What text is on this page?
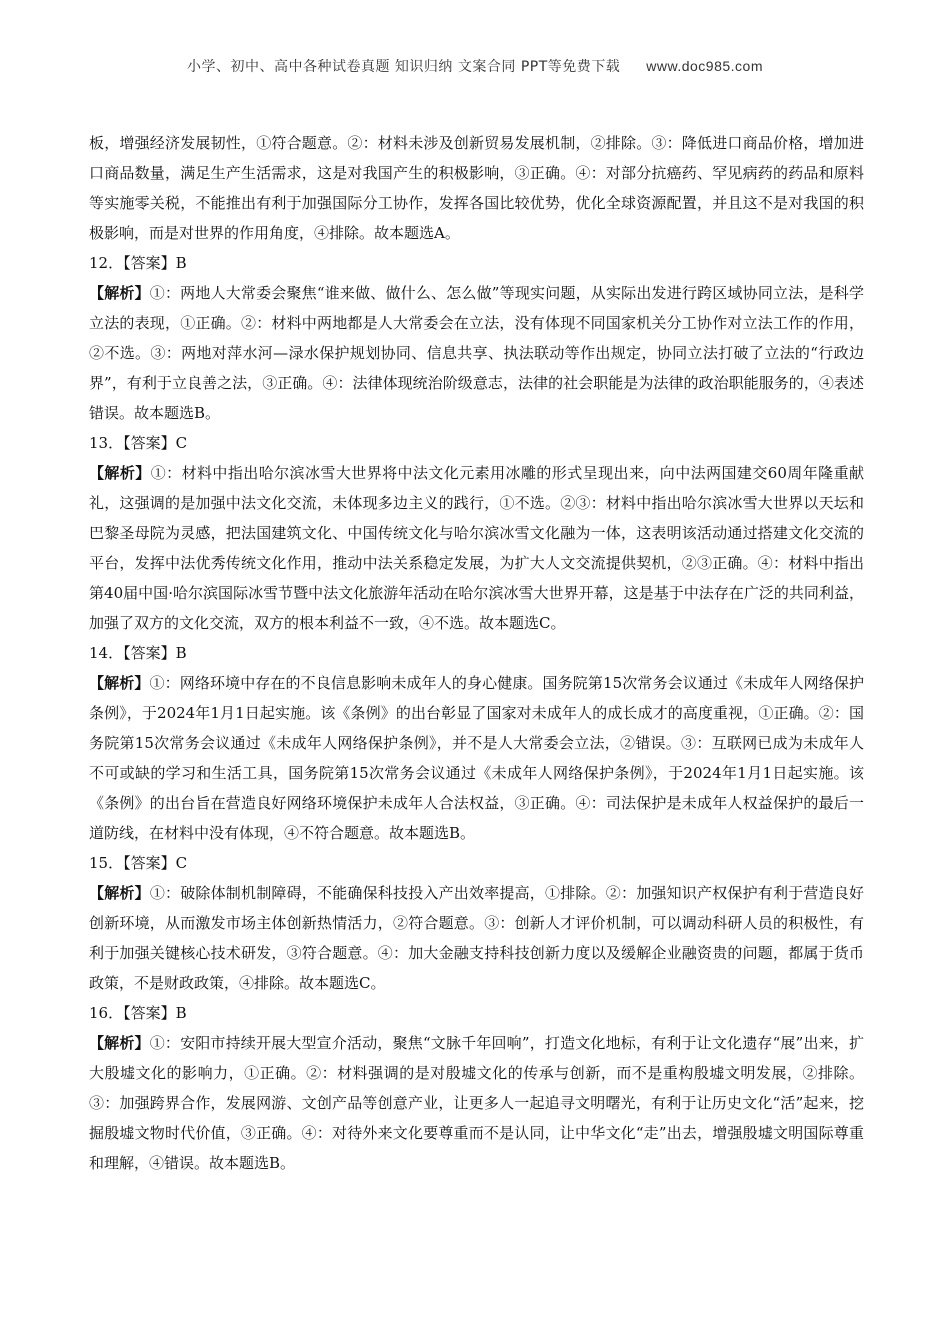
小学、初中、高中各种试卷真题 知识归纳 文案合同 PPT等免费下载 www.doc985.com

板，增强经济发展韧性，①符合题意。②：材料未涉及创新贸易发展机制，②排除。③：降低进口商品价格，增加进口商品数量，满足生产生活需求，这是对我国产生的积极影响，③正确。④：对部分抗癌药、罕见病药的药品和原料等实施零关税，不能推出有利于加强国际分工协作，发挥各国比较优势，优化全球资源配置，并且这不是对我国的积极影响，而是对世界的作用角度，④排除。故本题选A。

12．【答案】B

【解析】①：两地人大常委会聚焦“谁来做、做什么、怎么做”等现实问题，从实际出发进行跨区域协同立法，是科学立法的表现，①正确。②：材料中两地都是人大常委会在立法，没有体现不同国家机关分工协作对立法工作的作用，②不选。③：两地对萍水河—渌水保护规划协同、信息共享、执法联动等作出规定，协同立法打破了立法的“行政边界”，有利于立良善之法，③正确。④：法律体现统治阶级意志，法律的社会职能是为法律的政治职能服务的，④表述错误。故本题选B。

13．【答案】C

【解析】①：材料中指出哈尔滨冰雪大世界将中法文化元素用冰雕的形式呈现出来，向中法两国建交60周年隆重献礼，这强调的是加强中法文化交流，未体现多边主义的践行，①不选。②③：材料中指出哈尔滨冰雪大世界以天坛和巴黎圣母院为灵感，把法国建筑文化、中国传统文化与哈尔滨冰雪文化融为一体，这表明该活动通过搭建文化交流的平台，发挥中法优秀传统文化作用，推动中法关系稳定发展，为扩大人文交流提供契机，②③正确。④：材料中指出第40届中国·哈尔滨国际冰雪节暨中法文化旅游年活动在哈尔滨冰雪大世界开幕，这是基于中法存在广泛的共同利益，加强了双方的文化交流，双方的根本利益不一致，④不选。故本题选C。

14．【答案】B

【解析】①：网络环境中存在的不良信息影响未成年人的身心健康。国务院第15次常务会议通过《未成年人网络保护条例》，于2024年1月1日起实施。该《条例》的出台彰显了国家对未成年人的成长成才的高度重视，①正确。②：国务院第15次常务会议通过《未成年人网络保护条例》，并不是人大常委会立法，②错误。③：互联网已成为未成年人不可或缺的学习和生活工具，国务院第15次常务会议通过《未成年人网络保护条例》，于2024年1月1日起实施。该《条例》的出台旨在营造良好网络环境保护未成年人合法权益，③正确。④：司法保护是未成年人权益保护的最后一道防线，在材料中没有体现，④不符合题意。故本题选B。

15．【答案】C

【解析】①：破除体制机制障碍，不能确保科技投入产出效率提高，①排除。②：加强知识产权保护有利于营造良好创新环境，从而激发市场主体创新热情活力，②符合题意。③：创新人才评价机制，可以调动科研人员的积极性，有利于加强关键核心技术研发，③符合题意。④：加大金融支持科技创新力度以及缓解企业融资贵的问题，都属于货币政策，不是财政政策，④排除。故本题选C。

16．【答案】B

【解析】①：安阳市持续开展大型宣介活动，聚焦“文脉千年回响”，打造文化地标，有利于让文化遗存“展”出来，扩大殷墟文化的影响力，①正确。②：材料强调的是对殷墟文化的传承与创新，而不是重构殷墟文明发展，②排除。③：加强跨界合作，发展网游、文创产品等创意产业，让更多人一起追寻文明曙光，有利于让历史文化“活”起来，挖掘殷墟文物时代价值，③正确。④：对待外来文化要尊重而不是认同，让中华文化“走”出去，增强殷墟文明国际尊重和理解，④错误。故本题选B。
